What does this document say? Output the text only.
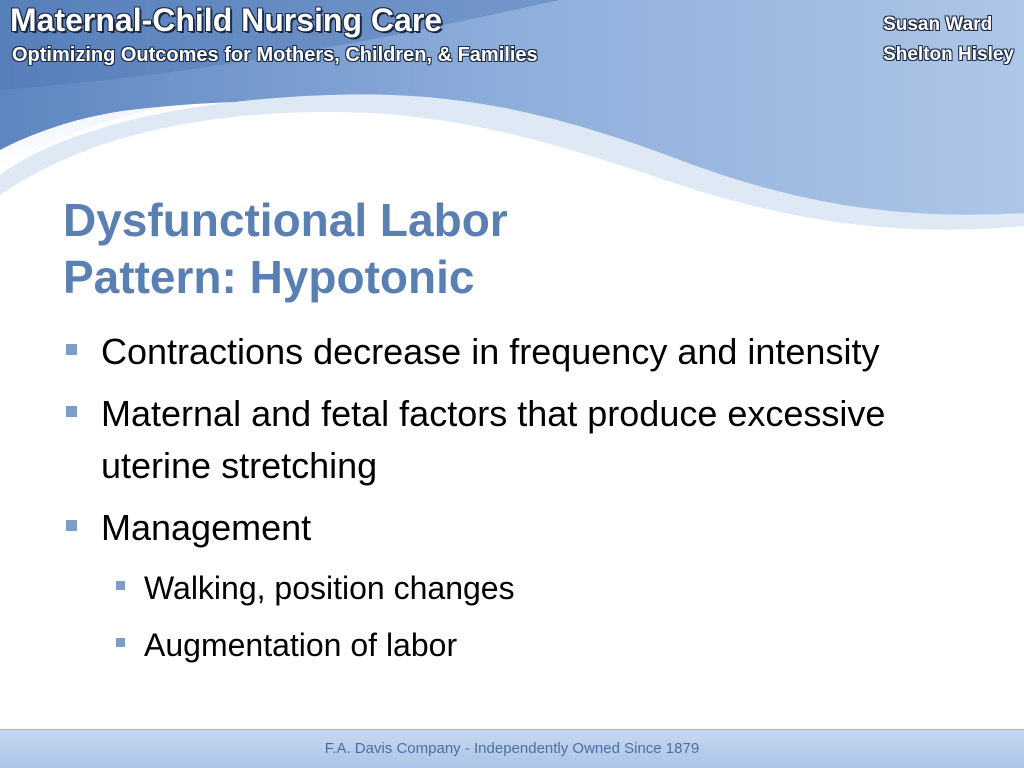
Maternal-Child Nursing Care
Optimizing Outcomes for Mothers, Children, & Families
Susan Ward
Shelton Hisley
Dysfunctional Labor
Pattern: Hypotonic
Contractions decrease in frequency and intensity
Maternal and fetal factors that produce excessive uterine stretching
Management
Walking, position changes
Augmentation of labor
F.A. Davis Company - Independently Owned Since 1879
